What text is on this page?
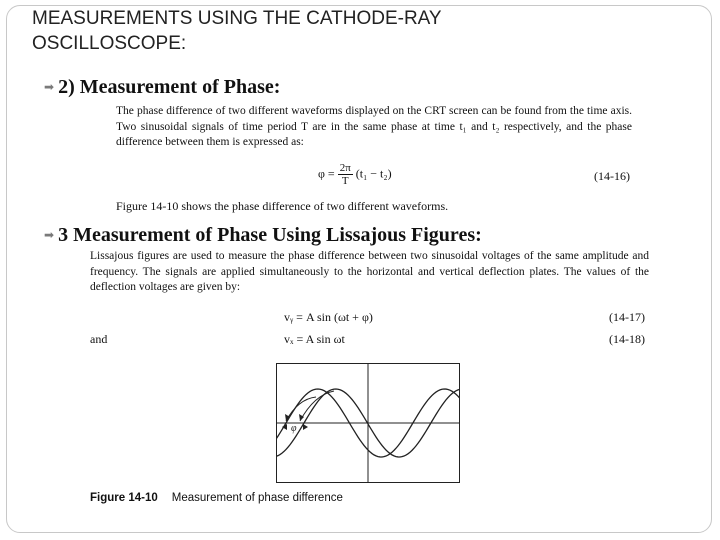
MEASUREMENTS USING THE CATHODE-RAY
OSCILLOSCOPE:
➡ 2) Measurement of Phase:
The phase difference of two different waveforms displayed on the CRT screen can be found from the time axis. Two sinusoidal signals of time period T are in the same phase at time t₁ and t₂ respectively, and the phase difference between them is expressed as:
$\varphi = \frac{2\pi}{T} (t_1 - t_2)$	(14-16)
Figure 14-10 shows the phase difference of two different waveforms.
➡ 3 Measurement of Phase Using Lissajous Figures:
Lissajous figures are used to measure the phase difference between two sinusoidal voltages of the same amplitude and frequency. The signals are applied simultaneously to the horizontal and vertical deflection plates. The values of the deflection voltages are given by:
vᵧ = A sin (ωt + φ)	(14-17)
and	vₓ = A sin ωt	(14-18)
φ
Figure 14-10 Measurement of phase difference
